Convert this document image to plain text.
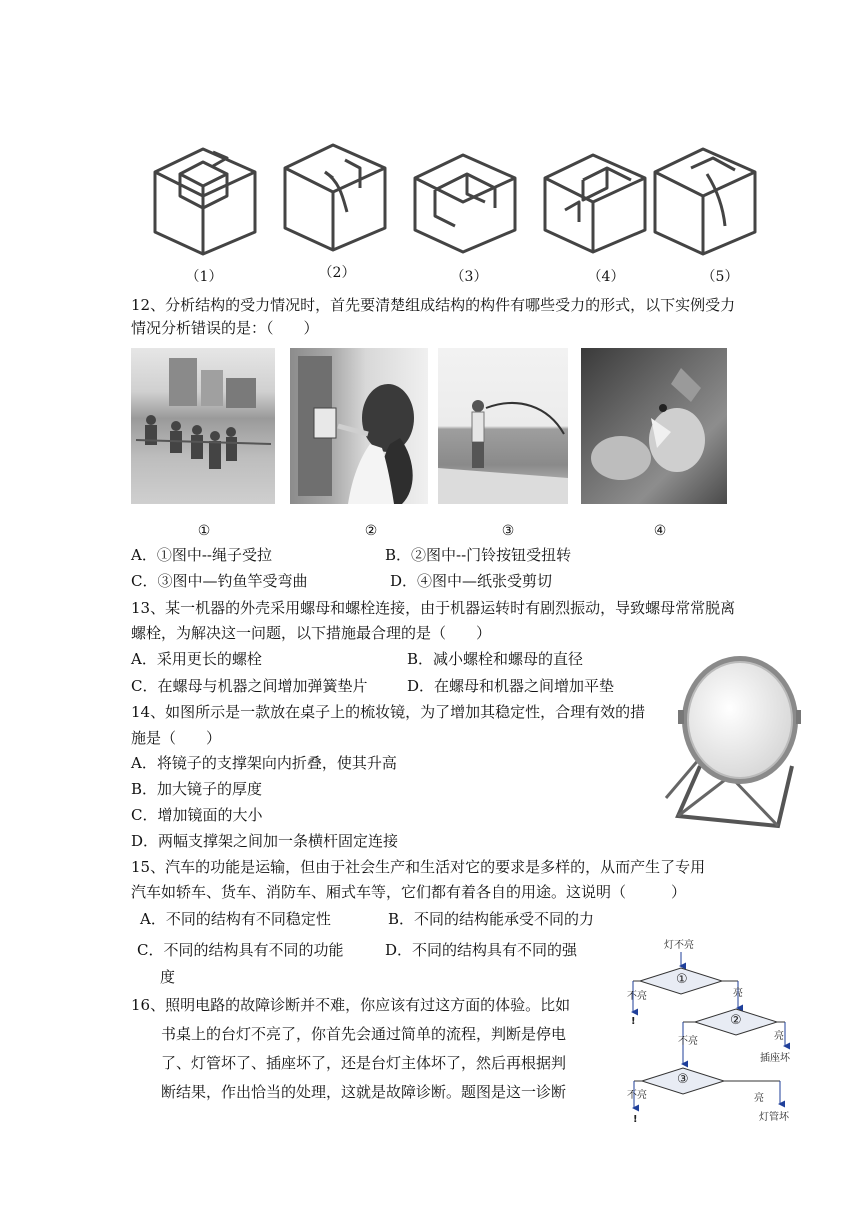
（1）	（2）	（3）	（4）	（5）
12、分析结构的受力情况时，首先要清楚组成结构的构件有哪些受力的形式，以下实例受力
情况分析错误的是：（　　）
①	②	③	④
A．①图中--绳子受拉	B．②图中--门铃按钮受扭转
C．③图中—钓鱼竿受弯曲	D．④图中—纸张受剪切
13、某一机器的外壳采用螺母和螺栓连接，由于机器运转时有剧烈振动，导致螺母常常脱离
螺栓，为解决这一问题，以下措施最合理的是（　　）
A．采用更长的螺栓	B．减小螺栓和螺母的直径
C．在螺母与机器之间增加弹簧垫片	D．在螺母和机器之间增加平垫
14、如图所示是一款放在桌子上的梳妆镜，为了增加其稳定性，合理有效的措
施是（　　）
A．将镜子的支撑架向内折叠，使其升高
B．加大镜子的厚度
C．增加镜面的大小
D．两幅支撑架之间加一条横杆固定连接
15、汽车的功能是运输，但由于社会生产和生活对它的要求是多样的，从而产生了专用
汽车如轿车、货车、消防车、厢式车等，它们都有着各自的用途。这说明（　　　）
A．不同的结构有不同稳定性	B．不同的结构能承受不同的力
C．不同的结构具有不同的功能	D．不同的结构具有不同的强
度
16、照明电路的故障诊断并不难，你应该有过这方面的体验。比如
书桌上的台灯不亮了，你首先会通过简单的流程，判断是停电
了、灯管坏了、插座坏了，还是台灯主体坏了，然后再根据判
断结果，作出恰当的处理，这就是故障诊断。题图是这一诊断
灯不亮
①
不亮	亮
!	②
亮
插座坏
不亮
③
不亮	亮
!	灯管坏
